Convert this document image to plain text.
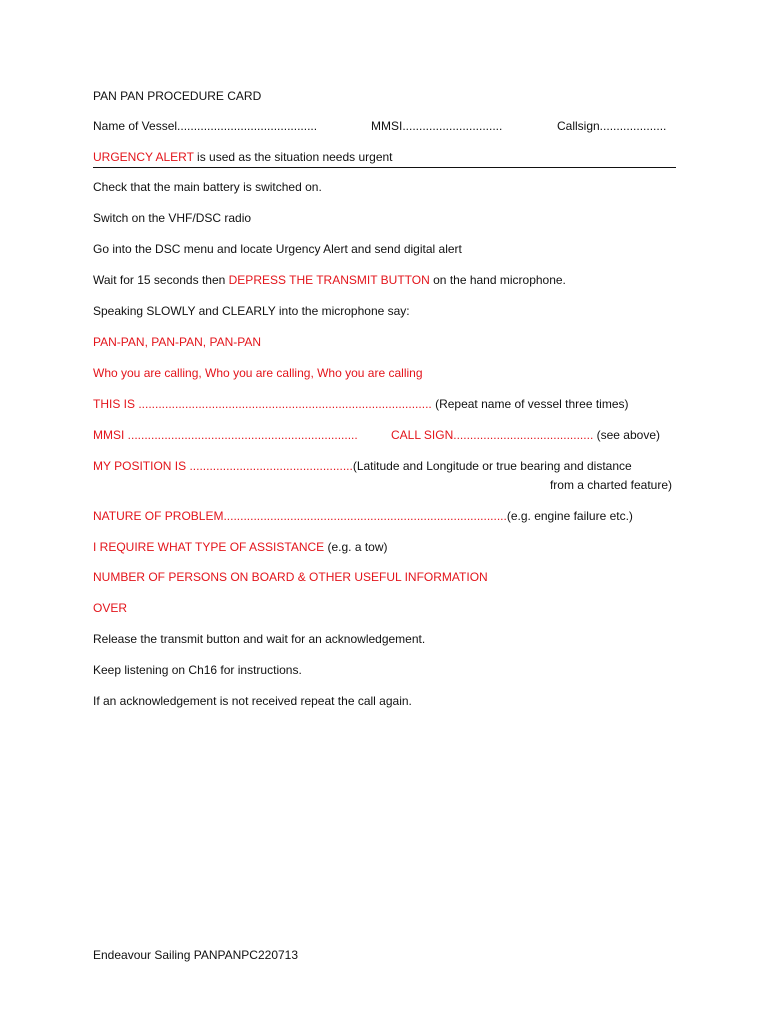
PAN PAN PROCEDURE CARD
Name of Vessel..........................................	MMSI..............................	Callsign....................
URGENCY ALERT is used as the situation needs urgent
Check that the main battery is switched on.
Switch on the VHF/DSC radio
Go into the DSC menu and locate Urgency Alert and send digital alert
Wait for 15 seconds then DEPRESS THE TRANSMIT BUTTON on the hand microphone.
Speaking SLOWLY and CLEARLY into the microphone say:
PAN-PAN, PAN-PAN, PAN-PAN
Who you are calling, Who you are calling, Who you are calling
THIS IS ........................................................................................ (Repeat name of vessel three times)
MMSI .....................................................................	CALL SIGN.......................................... (see above)
MY POSITION IS .................................................(Latitude and Longitude or true bearing and distance
from a charted feature)
NATURE OF PROBLEM.....................................................................................(e.g. engine failure etc.)
I REQUIRE WHAT TYPE OF ASSISTANCE (e.g. a tow)
NUMBER OF PERSONS ON BOARD & OTHER USEFUL INFORMATION
OVER
Release the transmit button and wait for an acknowledgement.
Keep listening on Ch16 for instructions.
If an acknowledgement is not received repeat the call again.
Endeavour Sailing PANPANPC220713
